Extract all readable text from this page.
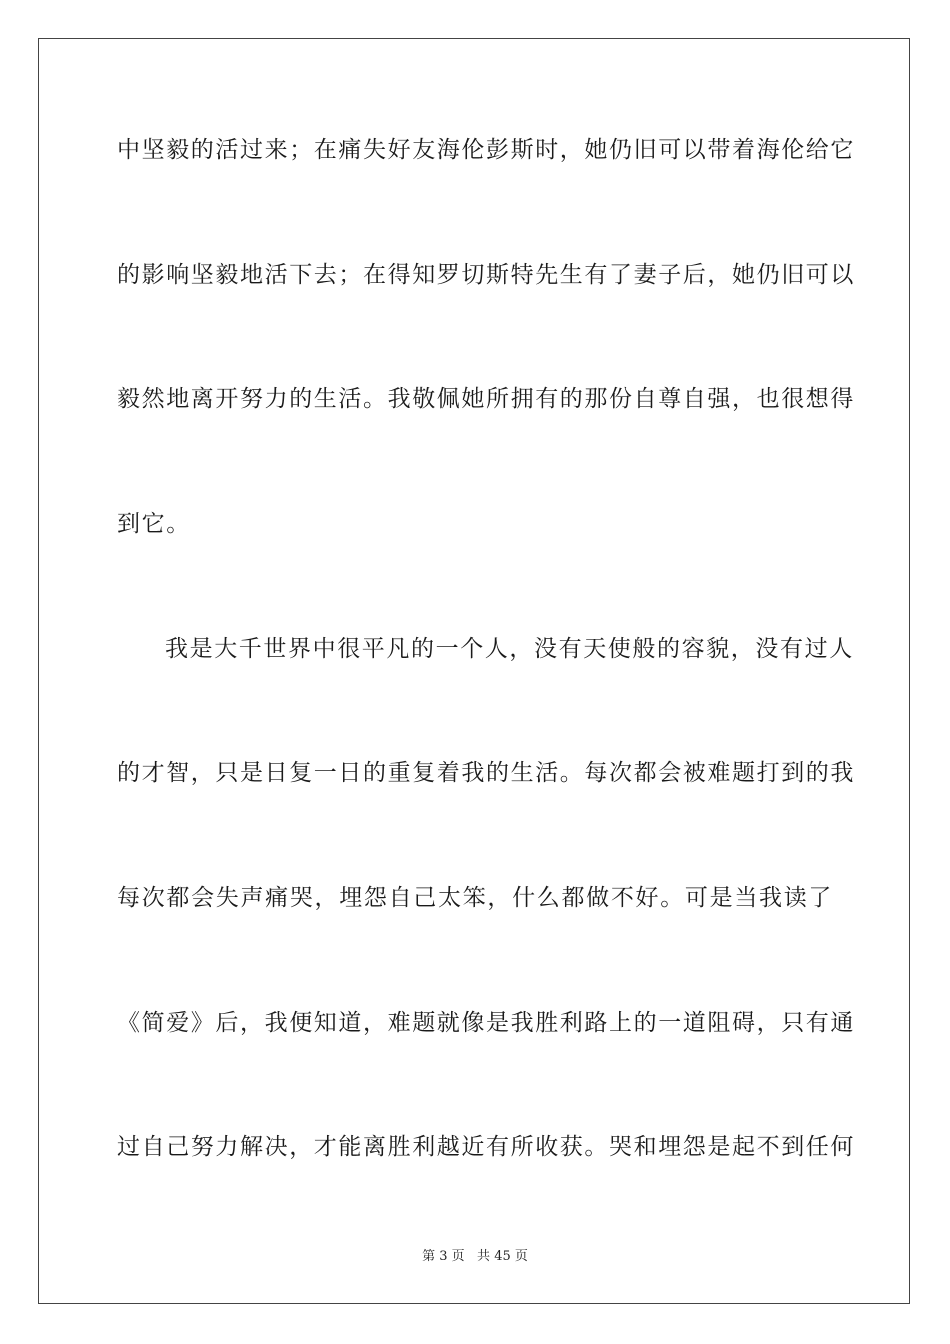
中坚毅的活过来；在痛失好友海伦彭斯时，她仍旧可以带着海伦给它
的影响坚毅地活下去；在得知罗切斯特先生有了妻子后，她仍旧可以
毅然地离开努力的生活。我敬佩她所拥有的那份自尊自强，也很想得
到它。
我是大千世界中很平凡的一个人，没有天使般的容貌，没有过人
的才智，只是日复一日的重复着我的生活。每次都会被难题打到的我
每次都会失声痛哭，埋怨自己太笨，什么都做不好。可是当我读了
《简爱》后，我便知道，难题就像是我胜利路上的一道阻碍，只有通
过自己努力解决，才能离胜利越近有所收获。哭和埋怨是起不到任何
第 3 页   共 45 页
